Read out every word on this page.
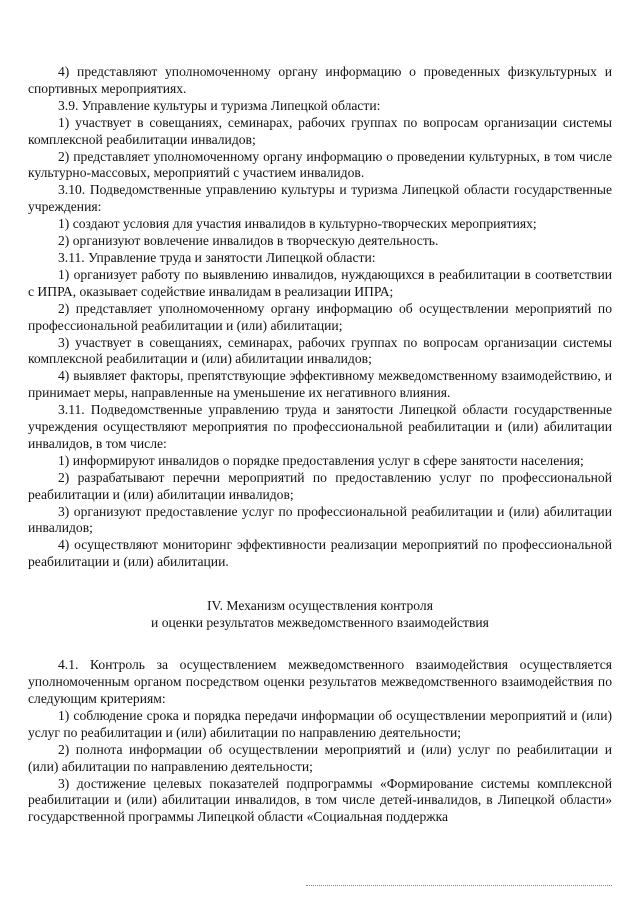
4) представляют уполномоченному органу информацию о проведенных физкультурных и спортивных мероприятиях.

3.9. Управление культуры и туризма Липецкой области:

1) участвует в совещаниях, семинарах, рабочих группах по вопросам организации системы комплексной реабилитации инвалидов;

2) представляет уполномоченному органу информацию о проведении культурных, в том числе культурно-массовых, мероприятий с участием инвалидов.

3.10. Подведомственные управлению культуры и туризма Липецкой области государственные учреждения:

1) создают условия для участия инвалидов в культурно-творческих мероприятиях;

2) организуют вовлечение инвалидов в творческую деятельность.

3.11. Управление труда и занятости Липецкой области:

1) организует работу по выявлению инвалидов, нуждающихся в реабилитации в соответствии с ИПРА, оказывает содействие инвалидам в реализации ИПРА;

2) представляет уполномоченному органу информацию об осуществлении мероприятий по профессиональной реабилитации и (или) абилитации;

3) участвует в совещаниях, семинарах, рабочих группах по вопросам организации системы комплексной реабилитации и (или) абилитации инвалидов;

4) выявляет факторы, препятствующие эффективному межведомственному взаимодействию, и принимает меры, направленные на уменьшение их негативного влияния.

3.11. Подведомственные управлению труда и занятости Липецкой области государственные учреждения осуществляют мероприятия по профессиональной реабилитации и (или) абилитации инвалидов, в том числе:

1) информируют инвалидов о порядке предоставления услуг в сфере занятости населения;

2) разрабатывают перечни мероприятий по предоставлению услуг по профессиональной реабилитации и (или) абилитации инвалидов;

3) организуют предоставление услуг по профессиональной реабилитации и (или) абилитации инвалидов;

4) осуществляют мониторинг эффективности реализации мероприятий по профессиональной реабилитации и (или) абилитации.

IV. Механизм осуществления контроля
и оценки результатов межведомственного взаимодействия

4.1. Контроль за осуществлением межведомственного взаимодействия осуществляется уполномоченным органом посредством оценки результатов межведомственного взаимодействия по следующим критериям:

1) соблюдение срока и порядка передачи информации об осуществлении мероприятий и (или) услуг по реабилитации и (или) абилитации по направлению деятельности;

2) полнота информации об осуществлении мероприятий и (или) услуг по реабилитации и (или) абилитации по направлению деятельности;

3) достижение целевых показателей подпрограммы «Формирование системы комплексной реабилитации и (или) абилитации инвалидов, в том числе детей-инвалидов, в Липецкой области» государственной программы Липецкой области «Социальная поддержка
